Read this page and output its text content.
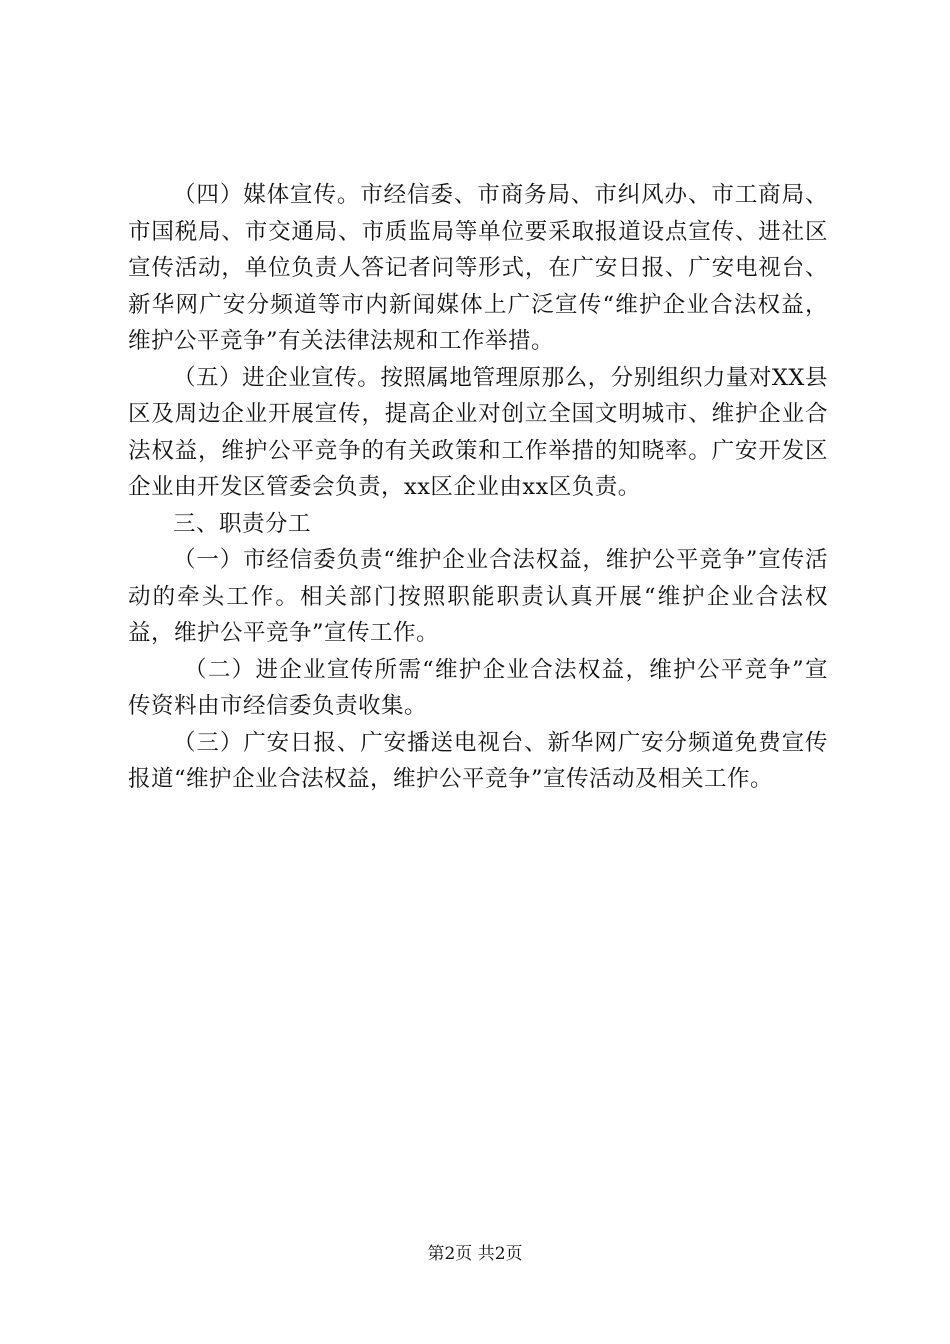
（四）媒体宣传。市经信委、市商务局、市纠风办、市工商局、市国税局、市交通局、市质监局等单位要采取报道设点宣传、进社区宣传活动，单位负责人答记者问等形式，在广安日报、广安电视台、新华网广安分频道等市内新闻媒体上广泛宣传“维护企业合法权益，维护公平竞争”有关法律法规和工作举措。

（五）进企业宣传。按照属地管理原那么，分别组织力量对XX县区及周边企业开展宣传，提高企业对创立全国文明城市、维护企业合法权益，维护公平竞争的有关政策和工作举措的知晓率。广安开发区企业由开发区管委会负责，xx区企业由xx区负责。

三、职责分工

（一）市经信委负责“维护企业合法权益，维护公平竞争”宣传活动的牵头工作。相关部门按照职能职责认真开展“维护企业合法权益，维护公平竞争”宣传工作。

（二）进企业宣传所需“维护企业合法权益，维护公平竞争”宣传资料由市经信委负责收集。

（三）广安日报、广安播送电视台、新华网广安分频道免费宣传报道“维护企业合法权益，维护公平竞争”宣传活动及相关工作。

第2页 共2页
